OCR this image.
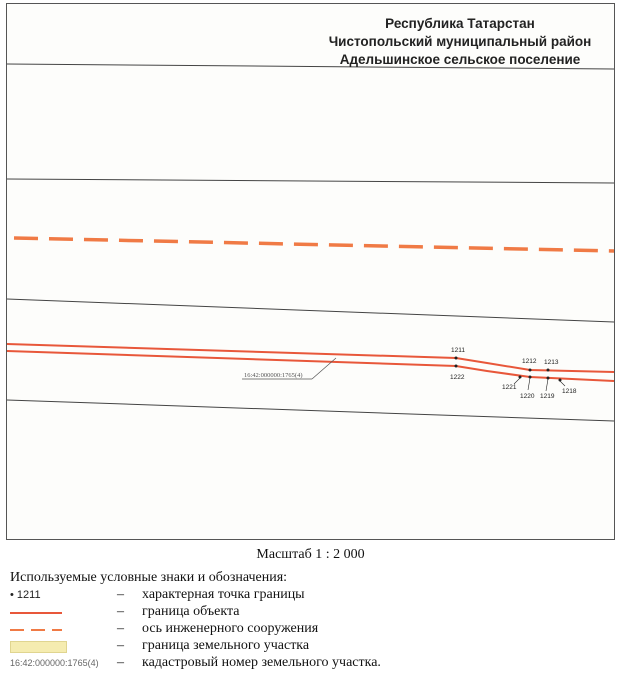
1211
1212 1213
1222
1221
1220 1219
1218
16:42:000000:1765(4)
Республика Татарстан
Чистопольский муниципальный район
Адельшинское сельское поселение
Масштаб 1 : 2 000
Используемые условные знаки и обозначения:
• 1211	– характерная точка границы
– граница объекта
– ось инженерного сооружения
– граница земельного участка
16:42:000000:1765(4) – кадастровый номер земельного участка.
